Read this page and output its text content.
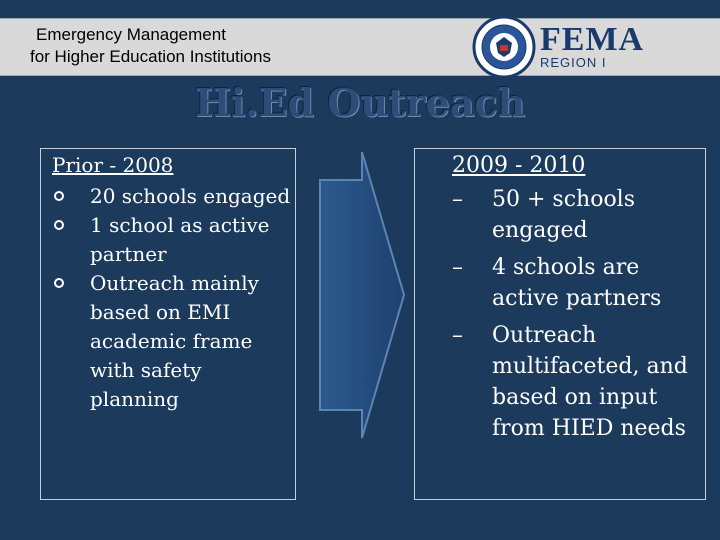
Emergency Management
for Higher Education Institutions	FEMA
REGION I
Hi.Ed Outreach
Prior - 2008
20 schools engaged
1 school as active partner
Outreach mainly based on EMI academic frame with safety planning
2009 - 2010
– 50 + schools engaged
– 4 schools are active partners
– Outreach multifaceted, and based on input from HIED needs
